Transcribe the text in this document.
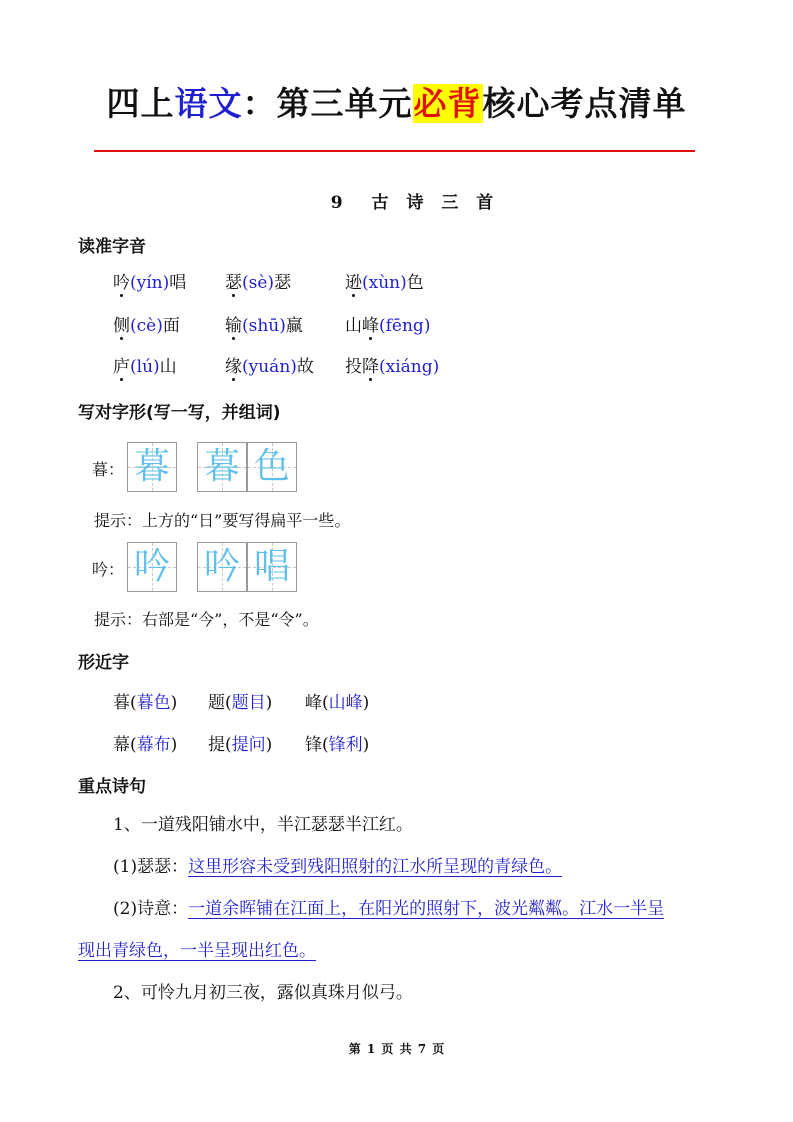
四上语文：第三单元必背核心考点清单
9　古 诗 三 首
读准字音
吟(yín)唱 瑟(sè)瑟	逊(xùn)色
侧(cè)面	输(shū)赢 山峰(fēng)
庐(lú)山	缘(yuán)故 投降(xiáng)
写对字形(写一写，并组词)
暮： 暮 暮 色
提示：上方的“日”要写得扁平一些。
吟： 吟 吟 唱
提示：右部是“今”，不是“令”。
形近字
暮(暮色) 题(题目) 峰(山峰)
幕(幕布) 提(提问) 锋(锋利)
重点诗句
1、一道残阳铺水中，半江瑟瑟半江红。
(1)瑟瑟：这里形容未受到残阳照射的江水所呈现的青绿色。
(2)诗意：一道余晖铺在江面上，在阳光的照射下，波光粼粼。江水一半呈
现出青绿色，一半呈现出红色。
2、可怜九月初三夜，露似真珠月似弓。
第 1 页 共 7 页
